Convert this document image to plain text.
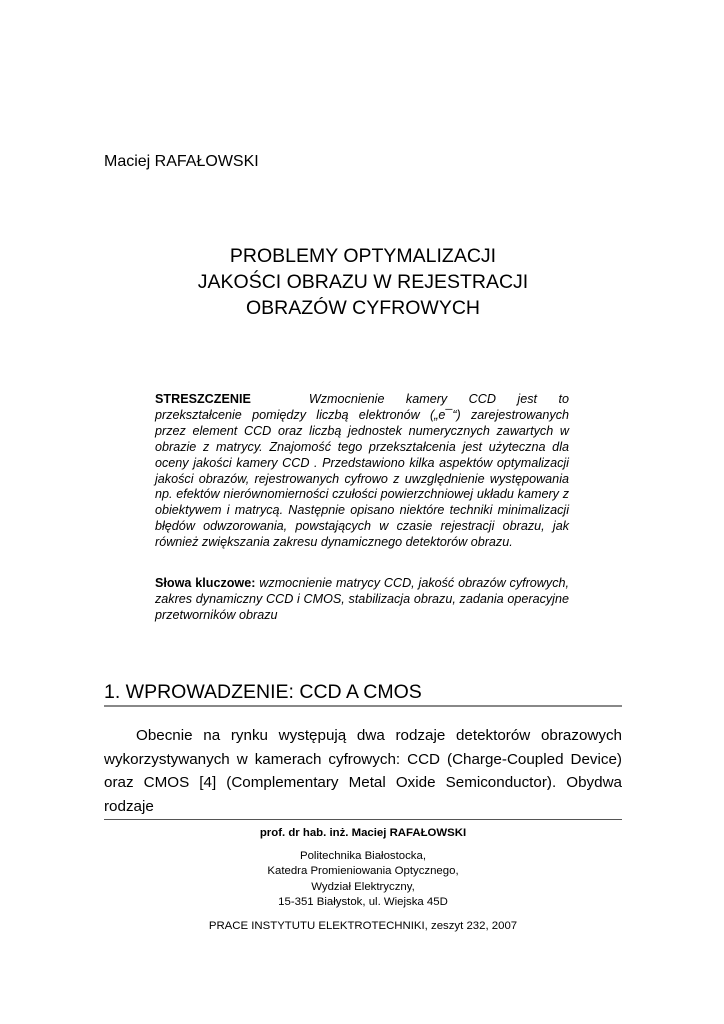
Maciej RAFAŁOWSKI
PROBLEMY OPTYMALIZACJI
JAKOŚCI OBRAZU W REJESTRACJI
OBRAZÓW CYFROWYCH
STRESZCZENIE	Wzmocnienie kamery CCD jest to przekształcenie pomiędzy liczbą elektronów („e¯“) zarejestrowanych przez element CCD oraz liczbą jednostek numerycznych zawartych w obrazie z matrycy. Znajomość tego przekształcenia jest użyteczna dla oceny jakości kamery CCD . Przedstawiono kilka aspektów optymalizacji jakości obrazów, rejestrowanych cyfrowo z uwzględnienie występowania np. efektów nierównomierności czułości powierzchniowej układu kamery z obiektywem i matrycą. Następnie opisano niektóre techniki minimalizacji błędów odwzorowania, powstających w czasie rejestracji obrazu, jak również zwiększania zakresu dynamicznego detektorów obrazu.
Słowa kluczowe: wzmocnienie matrycy CCD, jakość obrazów cyfrowych, zakres dynamiczny CCD i CMOS, stabilizacja obrazu, zadania operacyjne przetworników obrazu
1. WPROWADZENIE: CCD A CMOS
Obecnie na rynku występują dwa rodzaje detektorów obrazowych wykorzystywanych w kamerach cyfrowych: CCD (Charge-Coupled Device) oraz CMOS [4] (Complementary Metal Oxide Semiconductor). Obydwa rodzaje
prof. dr hab. inż. Maciej RAFAŁOWSKI
Politechnika Białostocka,
Katedra Promieniowania Optycznego,
Wydział Elektryczny,
15-351 Białystok, ul. Wiejska 45D
PRACE INSTYTUTU ELEKTROTECHNIKI, zeszyt 232, 2007
